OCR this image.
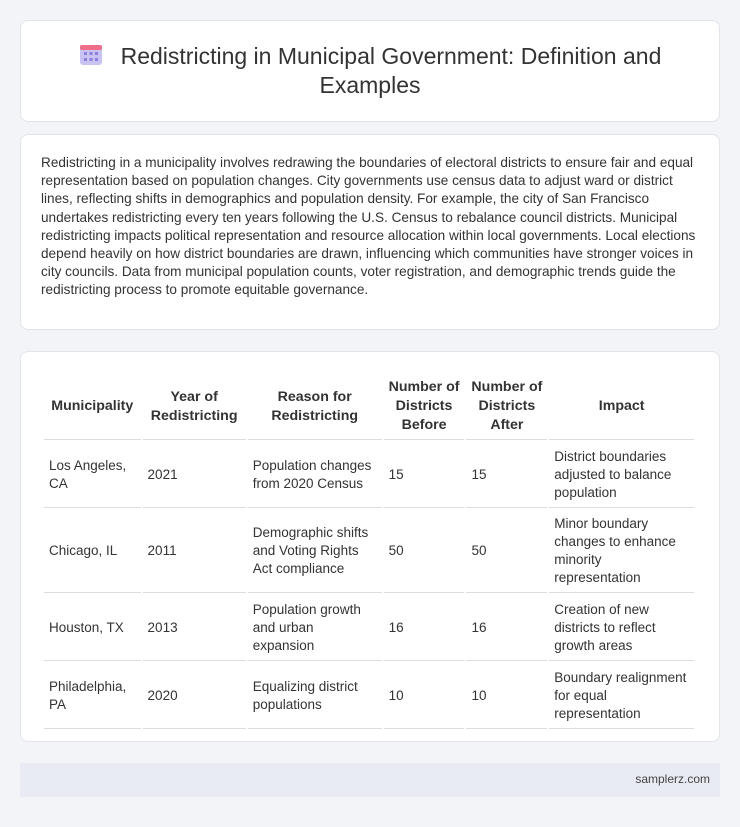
Redistricting in Municipal Government: Definition and Examples

Redistricting in a municipality involves redrawing the boundaries of electoral districts to ensure fair and equal representation based on population changes. City governments use census data to adjust ward or district lines, reflecting shifts in demographics and population density. For example, the city of San Francisco undertakes redistricting every ten years following the U.S. Census to rebalance council districts. Municipal redistricting impacts political representation and resource allocation within local governments. Local elections depend heavily on how district boundaries are drawn, influencing which communities have stronger voices in city councils. Data from municipal population counts, voter registration, and demographic trends guide the redistricting process to promote equitable governance.

Municipality	Year of Redistricting	Reason for Redistricting	Number of Districts Before	Number of Districts After	Impact
Los Angeles, CA	2021	Population changes from 2020 Census	15	15	District boundaries adjusted to balance population
Chicago, IL	2011	Demographic shifts and Voting Rights Act compliance	50	50	Minor boundary changes to enhance minority representation
Houston, TX	2013	Population growth and urban expansion	16	16	Creation of new districts to reflect growth areas
Philadelphia, PA	2020	Equalizing district populations	10	10	Boundary realignment for equal representation
samplerz.com
